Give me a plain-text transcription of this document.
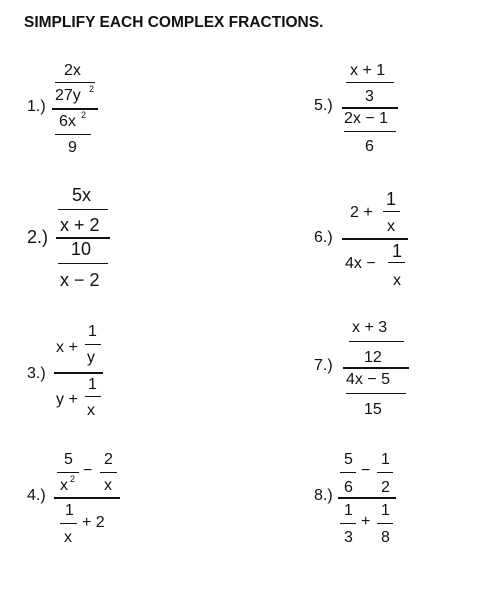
SIMPLIFY EACH COMPLEX FRACTIONS.
1.)
2x
27y 2
6x 2
9
2.)
5x
x + 2
10
x − 2
3.)
x +
1
y
y +
1
x
4.)
5
x 2 −
2
x
1
x
+ 2
5.)
x + 1
3
2x − 1
6
6.)
2 +
1
x
4x −
1
x
7.)
x + 3
12
4x − 5
15
8.)
5
6
−
1
2
1
3
+
1
8
